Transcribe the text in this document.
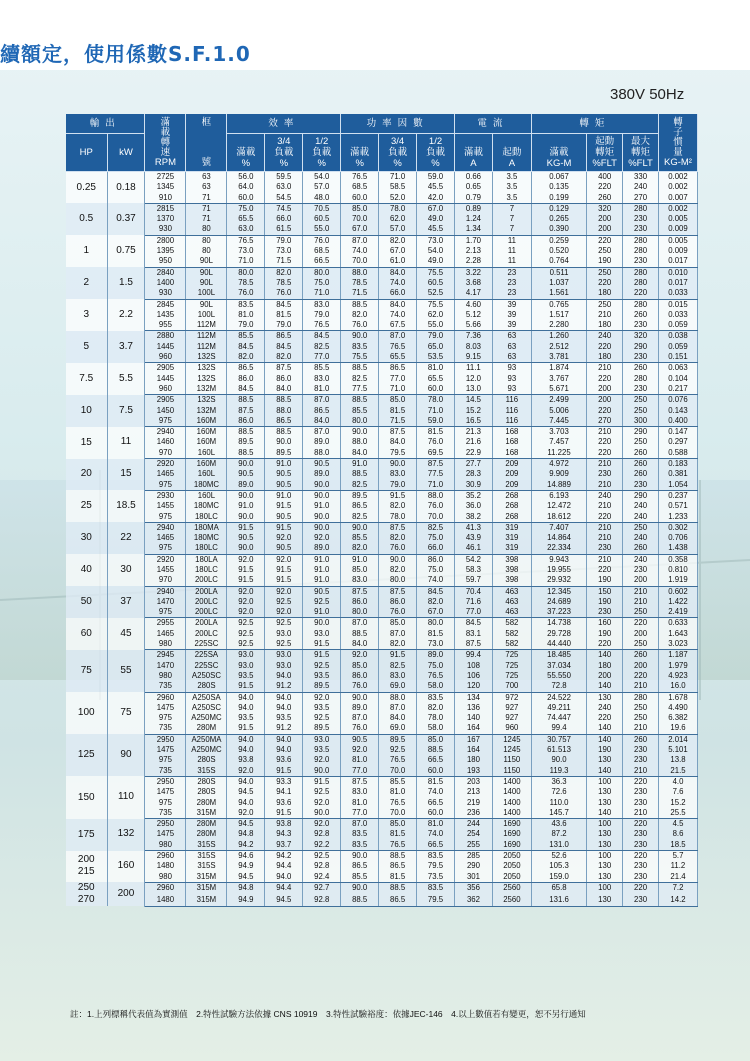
續額定，使用係數S.F.1.0
380V 50Hz
輸出		滿
載
轉
速
RPM	框

號	效率			功率因數			電流		轉矩			轉
子
慣
量
KG-M²
HP	kW			滿載
%	3/4
負載
%	1/2
負載
%	滿載
%	3/4
負載
%	1/2
負載
%	滿載
A	起動
A	滿載
KG-M	起動
轉矩
%FLT	最大
轉矩
%FLT	
0.25	0.18	2725	63	56.0	59.5	54.0	76.5	71.0	59.0	0.66	3.5	0.067	400	330	0.002
		1345	63	64.0	63.0	57.0	68.5	58.5	45.5	0.65	3.5	0.135	220	240	0.002
		910	71	60.0	54.5	48.0	60.0	52.0	42.0	0.79	3.5	0.199	260	270	0.007
0.5	0.37	2815	71	75.0	74.5	70.5	85.0	78.0	67.0	0.89	7	0.129	320	280	0.002
		1370	71	65.5	66.0	60.5	70.0	62.0	49.0	1.24	7	0.265	200	230	0.005
		930	80	63.0	61.5	55.0	67.0	57.0	45.5	1.34	7	0.390	200	230	0.009
1	0.75	2800	80	76.5	79.0	76.0	87.0	82.0	73.0	1.70	11	0.259	220	280	0.005
		1395	80	73.0	73.0	68.5	74.0	67.0	54.0	2.13	11	0.520	250	280	0.009
		950	90L	71.0	71.5	66.5	70.0	61.0	49.0	2.28	11	0.764	190	230	0.017
2	1.5	2840	90L	80.0	82.0	80.0	88.0	84.0	75.5	3.22	23	0.511	250	280	0.010
		1400	90L	78.5	78.5	75.0	78.5	74.0	60.5	3.68	23	1.037	220	280	0.017
		930	100L	76.0	76.0	71.0	71.5	66.0	52.5	4.17	23	1.561	180	220	0.033
3	2.2	2845	90L	83.5	84.5	83.0	88.5	84.0	75.5	4.60	39	0.765	250	280	0.015
		1435	100L	81.0	81.5	79.0	82.0	74.0	62.0	5.12	39	1.517	210	260	0.033
		955	112M	79.0	79.0	76.5	76.0	67.5	55.0	5.66	39	2.280	180	230	0.059
5	3.7	2880	112M	85.5	86.5	84.5	90.0	87.0	79.0	7.36	63	1.260	240	320	0.038
		1445	112M	84.5	84.5	82.5	83.5	76.5	65.0	8.03	63	2.512	220	290	0.059
		960	132S	82.0	82.0	77.0	75.5	65.5	53.5	9.15	63	3.781	180	230	0.151
7.5	5.5	2905	132S	86.5	87.5	85.5	88.5	86.5	81.0	11.1	93	1.874	210	260	0.063
		1445	132S	86.0	86.0	83.0	82.5	77.0	65.5	12.0	93	3.767	220	280	0.104
		960	132M	84.5	84.0	81.0	77.5	71.0	60.0	13.0	93	5.671	200	230	0.217
10	7.5	2905	132S	88.5	88.5	87.0	88.5	85.0	78.0	14.5	116	2.499	200	250	0.076
		1450	132M	87.5	88.0	86.5	85.5	81.5	71.0	15.2	116	5.006	220	250	0.143
		975	160M	86.0	86.5	84.0	80.0	71.5	59.0	16.5	116	7.445	270	300	0.400
15	11	2940	160M	88.5	88.5	87.0	90.0	87.5	81.5	21.3	168	3.703	210	290	0.147
		1460	160M	89.5	90.0	89.0	88.0	84.0	76.0	21.6	168	7.457	220	250	0.297
		970	160L	88.5	89.5	88.0	84.0	79.5	69.5	22.9	168	11.225	220	260	0.588
20	15	2920	160M	90.0	91.0	90.5	91.0	90.0	87.5	27.7	209	4.972	210	260	0.183
		1465	160L	90.5	90.5	89.0	88.5	83.0	77.5	28.3	209	9.909	230	260	0.381
		975	180MC	89.0	90.5	90.0	82.5	79.0	71.0	30.9	209	14.889	210	230	1.054
25	18.5	2930	160L	90.0	91.0	90.0	89.5	91.5	88.0	35.2	268	6.193	240	290	0.237
		1455	180MC	91.0	91.5	91.0	86.5	82.0	76.0	36.0	268	12.472	210	240	0.571
		975	180LC	90.0	90.5	90.0	82.5	78.0	70.0	38.2	268	18.612	220	240	1.233
30	22	2940	180MA	91.5	91.5	90.0	90.0	87.5	82.5	41.3	319	7.407	210	250	0.302
		1465	180MC	90.5	92.0	92.0	85.5	82.0	75.0	43.9	319	14.864	210	240	0.706
		975	180LC	90.0	90.5	89.0	82.0	76.0	66.0	46.1	319	22.334	230	260	1.438
40	30	2920	180LA	92.0	92.0	91.0	91.0	90.0	86.0	54.2	398	9.943	210	240	0.358
		1455	180LC	91.5	91.5	91.0	85.0	82.0	75.0	58.3	398	19.955	220	230	0.810
		970	200LC	91.5	91.5	91.0	83.0	80.0	74.0	59.7	398	29.932	190	200	1.919
50	37	2940	200LA	92.0	92.0	90.5	87.5	87.5	84.5	70.4	463	12.345	150	210	0.602
		1470	200LC	92.0	92.5	92.5	86.0	86.0	82.0	71.6	463	24.689	190	210	1.422
		975	200LC	92.0	92.0	91.0	80.0	76.0	67.0	77.0	463	37.223	230	250	2.419
60	45	2955	200LA	92.5	92.5	90.0	87.0	85.0	80.0	84.5	582	14.738	160	220	0.633
		1465	200LC	92.5	93.0	93.0	88.5	87.0	81.5	83.1	582	29.728	190	200	1.643
		980	225SC	92.5	92.5	91.5	84.0	82.0	73.0	87.5	582	44.440	220	250	3.023
75	55	2945	225SA	93.0	93.0	91.5	92.0	91.5	89.0	99.4	725	18.485	140	260	1.187
		1470	225SC	93.0	93.0	92.5	85.0	82.5	75.0	108	725	37.034	180	200	1.979
		980	A250SC	93.5	94.0	93.5	86.0	83.0	76.5	106	725	55.550	200	220	4.923
		735	280S	91.5	91.2	89.5	76.0	69.0	58.0	120	700	72.8	140	210	16.0
100	75	2960	A250SA	94.0	94.0	92.0	90.0	88.0	83.5	134	972	24.522	130	280	1.678
		1475	A250SC	94.0	94.0	93.5	89.0	87.0	82.0	136	927	49.211	240	250	4.490
		975	A250MC	93.5	93.5	92.5	87.0	84.0	78.0	140	927	74.447	220	250	6.382
		735	280M	91.5	91.2	89.5	76.0	69.0	58.0	164	960	99.4	140	210	19.6
125	90	2950	A250MA	94.0	94.0	93.0	90.5	89.5	85.0	167	1245	30.757	140	260	2.014
		1475	A250MC	94.0	94.0	93.5	92.0	92.5	88.5	164	1245	61.513	190	230	5.101
		975	280S	93.8	93.6	92.0	81.0	76.5	66.5	180	1150	90.0	130	230	13.8
		735	315S	92.0	91.5	90.0	77.0	70.0	60.0	193	1150	119.3	140	210	21.5
150	110	2950	280S	94.0	93.3	91.5	87.5	85.5	81.5	203	1400	36.3	100	220	4.0
		1475	280S	94.5	94.1	92.5	83.0	81.0	74.0	213	1400	72.6	130	230	7.6
		975	280M	94.0	93.6	92.0	81.0	76.5	66.5	219	1400	110.0	130	230	15.2
		735	315M	92.0	91.5	90.0	77.0	70.0	60.0	236	1400	145.7	140	210	25.5
175	132	2950	280M	94.5	93.8	92.0	87.0	85.0	81.0	244	1690	43.6	100	220	4.5
		1475	280M	94.8	94.3	92.8	83.5	81.5	74.0	254	1690	87.2	130	230	8.6
		980	315S	94.2	93.7	92.2	83.5	76.5	66.5	255	1690	131.0	130	230	18.5
200
215	160	2960	315S	94.6	94.2	92.5	90.0	88.5	83.5	285	2050	52.6	100	220	5.7
		1480	315S	94.9	94.4	92.8	86.5	86.5	79.5	290	2050	105.3	130	230	11.2
		980	315M	94.5	94.0	92.4	85.5	81.5	73.5	301	2050	159.0	130	230	21.4
250
270	200	2960	315M	94.8	94.4	92.7	90.0	88.5	83.5	356	2560	65.8	100	220	7.2
		1480	315M	94.9	94.5	92.8	88.5	86.5	79.5	362	2560	131.6	130	230	14.2
註：1.上列標稱代表值為實測值　2.特性試驗方法依據 CNS 10919　3.特性試驗裕度：依據JEC-146　4.以上數值若有變更，恕不另行通知
